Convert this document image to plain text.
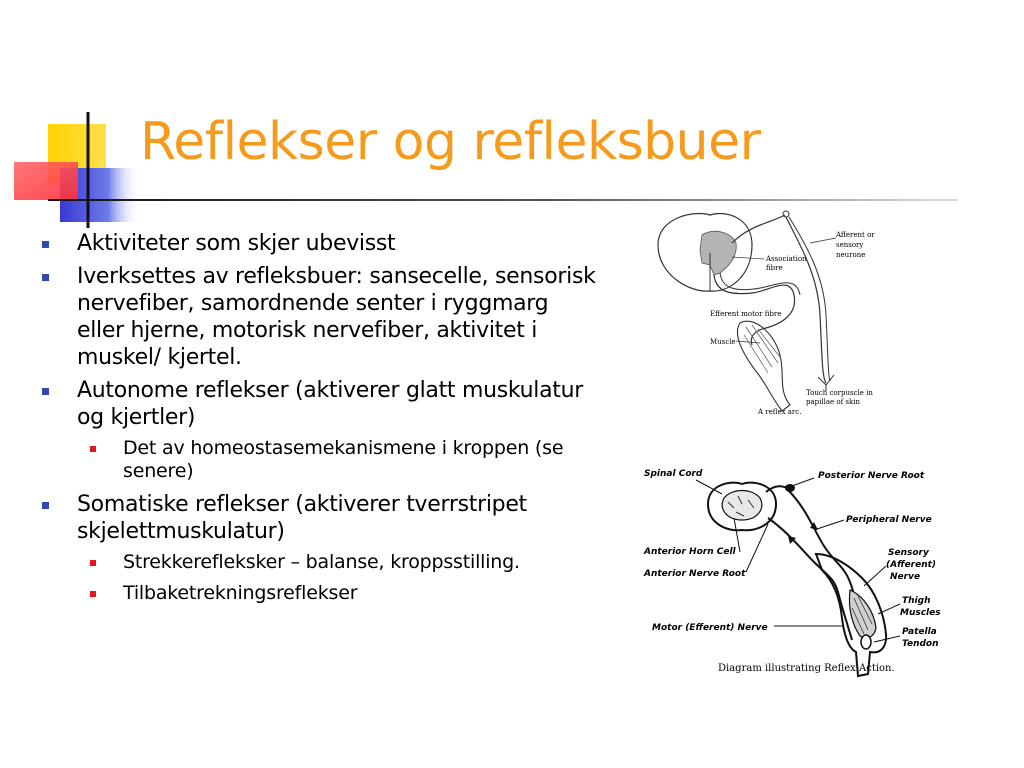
Reflekser og refleksbuer
Aktiviteter som skjer ubevisst
Iverksettes av refleksbuer: sansecelle, sensorisk nervefiber, samordnende senter i ryggmarg eller hjerne, motorisk nervefiber, aktivitet i muskel/ kjertel.
Autonome reflekser (aktiverer glatt muskulatur og kjertler)
Det av homeostasemekanismene i kroppen (se senere)
Somatiske reflekser (aktiverer tverrstripet skjelettmuskulatur)
Strekkerefleksker – balanse, kroppsstilling.
Tilbaketrekningsreflekser
Afferent or
sensory
neurone
Association
fibre
Efferent motor fibre
Muscle
Touch corpuscle in
papillae of skin
A reflex arc.
Spinal Cord	Posterior Nerve Root
Peripheral Nerve
Anterior Horn Cell
Anterior Nerve Root
Sensory
(Afferent)
Nerve
Thigh
Muscles
Motor (Efferent) Nerve	Patella
Tendon
Diagram illustrating Reflex Action.
